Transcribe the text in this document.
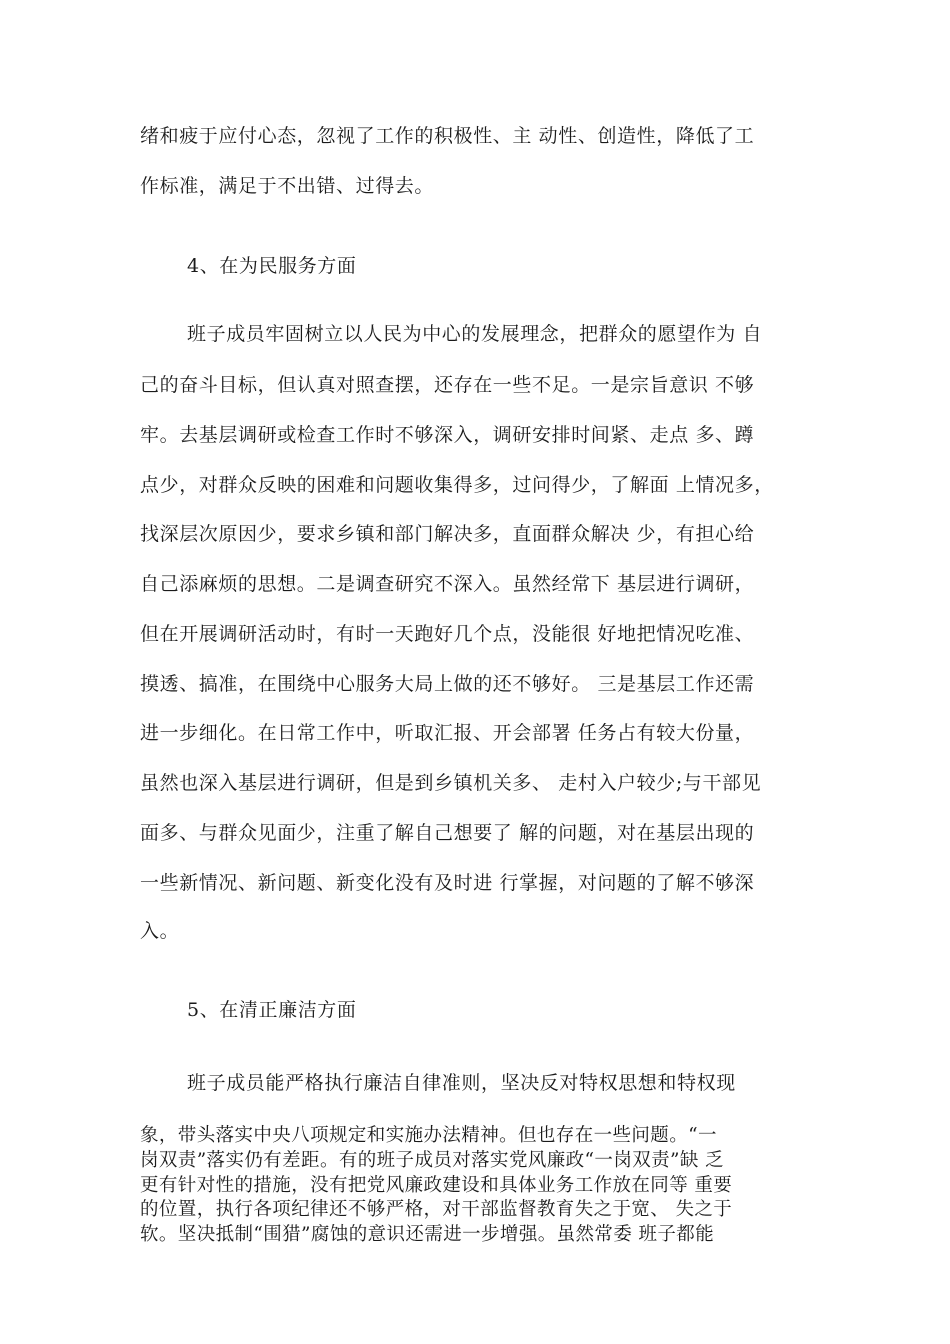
绪和疲于应付心态，忽视了工作的积极性、主 动性、创造性，降低了工
作标准，满足于不出错、过得去。
4、在为民服务方面
班子成员牢固树立以人民为中心的发展理念，把群众的愿望作为 自
己的奋斗目标，但认真对照查摆，还存在一些不足。一是宗旨意识 不够
牢。去基层调研或检查工作时不够深入，调研安排时间紧、走点 多、蹲
点少，对群众反映的困难和问题收集得多，过问得少，了解面 上情况多，
找深层次原因少，要求乡镇和部门解决多，直面群众解决 少，有担心给
自己添麻烦的思想。二是调查研究不深入。虽然经常下 基层进行调研，
但在开展调研活动时，有时一天跑好几个点，没能很 好地把情况吃准、
摸透、搞准，在围绕中心服务大局上做的还不够好。 三是基层工作还需
进一步细化。在日常工作中，听取汇报、开会部署 任务占有较大份量，
虽然也深入基层进行调研，但是到乡镇机关多、 走村入户较少;与干部见
面多、与群众见面少，注重了解自己想要了 解的问题，对在基层出现的
一些新情况、新问题、新变化没有及时进 行掌握，对问题的了解不够深
入。
5、在清正廉洁方面
班子成员能严格执行廉洁自律准则，坚决反对特权思想和特权现
象，带头落实中央八项规定和实施办法精神。但也存在一些问题。“一
岗双责”落实仍有差距。有的班子成员对落实党风廉政“一岗双责”缺 乏
更有针对性的措施，没有把党风廉政建设和具体业务工作放在同等 重要
的位置，执行各项纪律还不够严格，对干部监督教育失之于宽、 失之于
软。坚决抵制“围猎”腐蚀的意识还需进一步增强。虽然常委 班子都能
